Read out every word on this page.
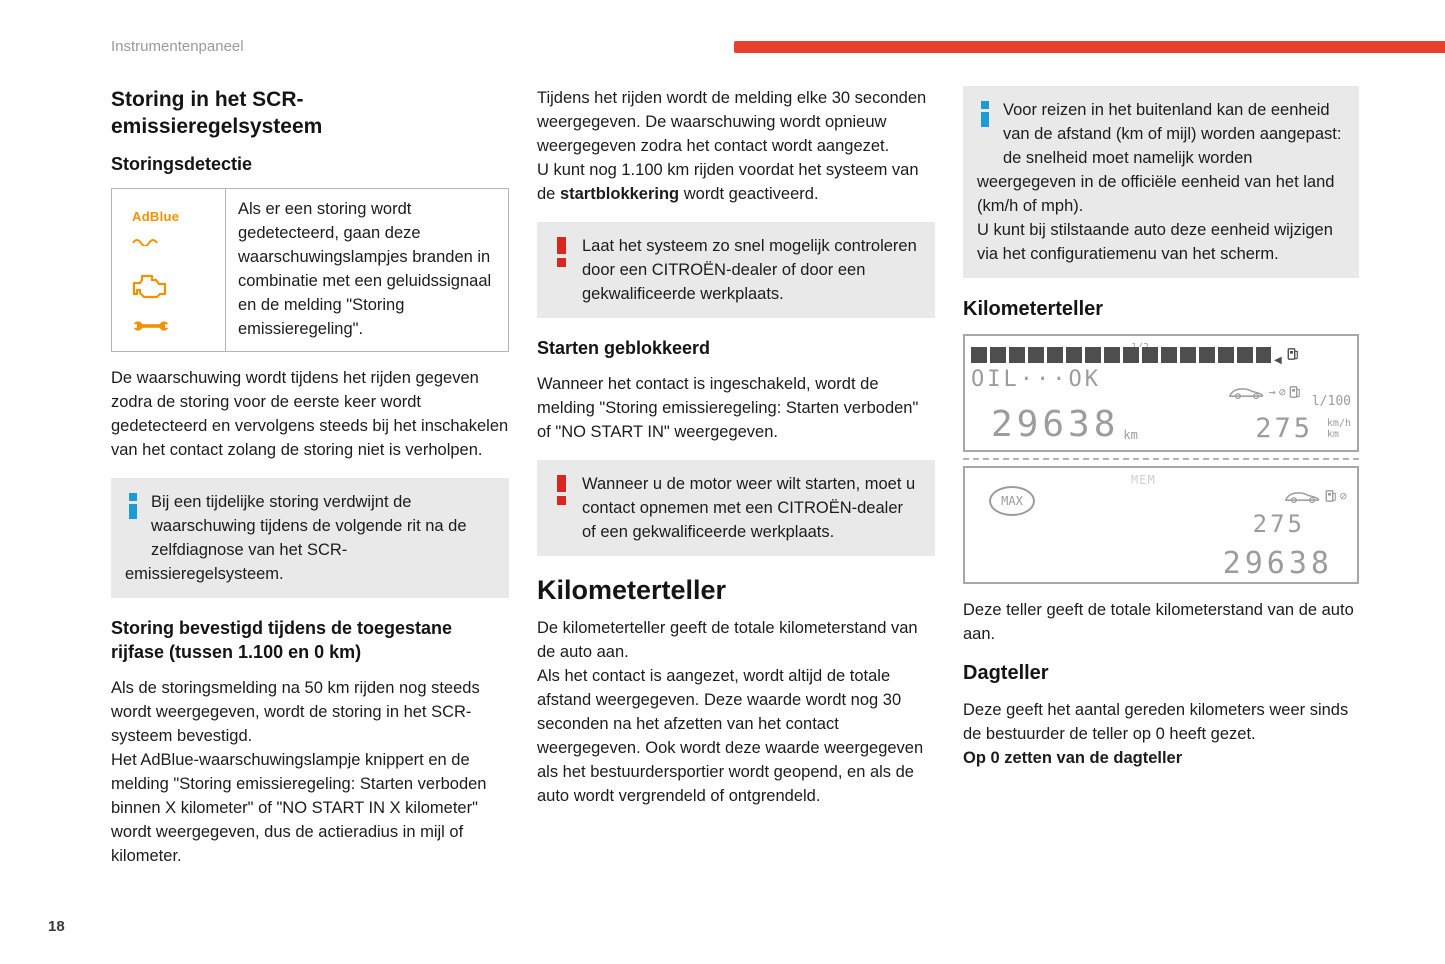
Instrumentenpaneel
Storing in het SCR-emissieregelsysteem
Storingsdetectie
AdBlue	Als er een storing wordt gedetecteerd, gaan deze waarschuwingslampjes branden in combinatie met een geluidssignaal en de melding "Storing emissieregeling".

De waarschuwing wordt tijdens het rijden gegeven zodra de storing voor de eerste keer wordt gedetecteerd en vervolgens steeds bij het inschakelen van het contact zolang de storing niet is verholpen.

Bij een tijdelijke storing verdwijnt de waarschuwing tijdens de volgende rit na de zelfdiagnose van het SCR-emissieregelsysteem.
Storing bevestigd tijdens de toegestane rijfase (tussen 1.100 en 0 km)

Als de storingsmelding na 50 km rijden nog steeds wordt weergegeven, wordt de storing in het SCR-systeem bevestigd.

Het AdBlue-waarschuwingslampje knippert en de melding "Storing emissieregeling: Starten verboden binnen X kilometer" of "NO START IN X kilometer" wordt weergegeven, dus de actieradius in mijl of kilometer.

Tijdens het rijden wordt de melding elke 30 seconden weergegeven. De waarschuwing wordt opnieuw weergegeven zodra het contact wordt aangezet.

U kunt nog 1.100 km rijden voordat het systeem van de startblokkering wordt geactiveerd.

Laat het systeem zo snel mogelijk controleren door een CITROËN-dealer of door een gekwalificeerde werkplaats.
Starten geblokkeerd

Wanneer het contact is ingeschakeld, wordt de melding "Storing emissieregeling: Starten verboden" of "NO START IN" weergegeven.

Wanneer u de motor weer wilt starten, moet u contact opnemen met een CITROËN-dealer of een gekwalificeerde werkplaats.
Kilometerteller

De kilometerteller geeft de totale kilometerstand van de auto aan.

Als het contact is aangezet, wordt altijd de totale afstand weergegeven. Deze waarde wordt nog 30 seconden na het afzetten van het contact weergegeven. Ook wordt deze waarde weergegeven als het bestuurdersportier wordt geopend, en als de auto wordt vergrendeld of ontgrendeld.

Voor reizen in het buitenland kan de eenheid van de afstand (km of mijl) worden aangepast: de snelheid moet namelijk worden weergegeven in de officiële eenheid van het land (km/h of mph).
U kunt bij stilstaande auto deze eenheid wijzigen via het configuratiemenu van het scherm.
Kilometerteller
◀
OIL···OK	→ ⊘
l/100
29638 km	275 km/h
km
MEM
MAX	⊘
275
29638

Deze teller geeft de totale kilometerstand van de auto aan.

Dagteller

Deze geeft het aantal gereden kilometers weer sinds de bestuurder de teller op 0 heeft gezet.

Op 0 zetten van de dagteller

18
